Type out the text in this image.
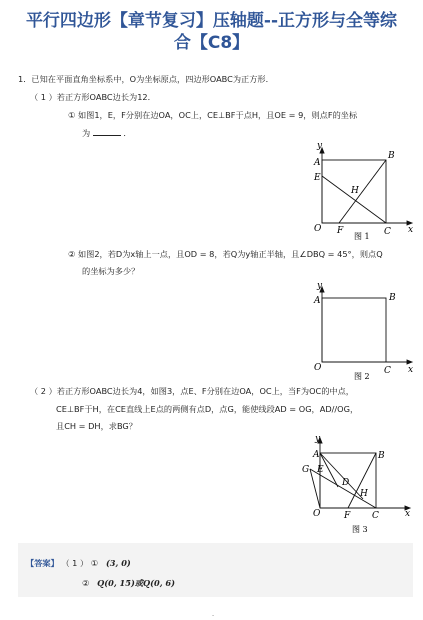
平行四边形【章节复习】压轴题--正方形与全等综
合【C8】
1．已知在平面直角坐标系中，O为坐标原点，四边形OABC为正方形．
（ 1 ）若正方形OABC边长为12．
① 如图1，E，F分别在边OA，OC上，CE⊥BF于点H，且OE = 9，则点F的坐标
为	．
y
x
O
A
B
C
E
F
H
图 1
② 如图2，若D为x轴上一点，且OD = 8，若Q为y轴正半轴，且∠DBQ = 45°，则点Q
的坐标为多少？
y
x
O
A	B
C
图 2
（ 2 ）若正方形OABC边长为4，如图3，点E、F分别在边OA，OC上，当F为OC的中点，
CE⊥BF于H，在CE直线上E点的两侧有点D，点G，能使线段AD = OG，AD//OG，
且CH = DH，求BG？
y
x
O
A	B
C
E
F
H
G
D
图 3
【答案】 （ 1 ） ① (3, 0)
② Q(0, 15)或Q(0, 6)
-
